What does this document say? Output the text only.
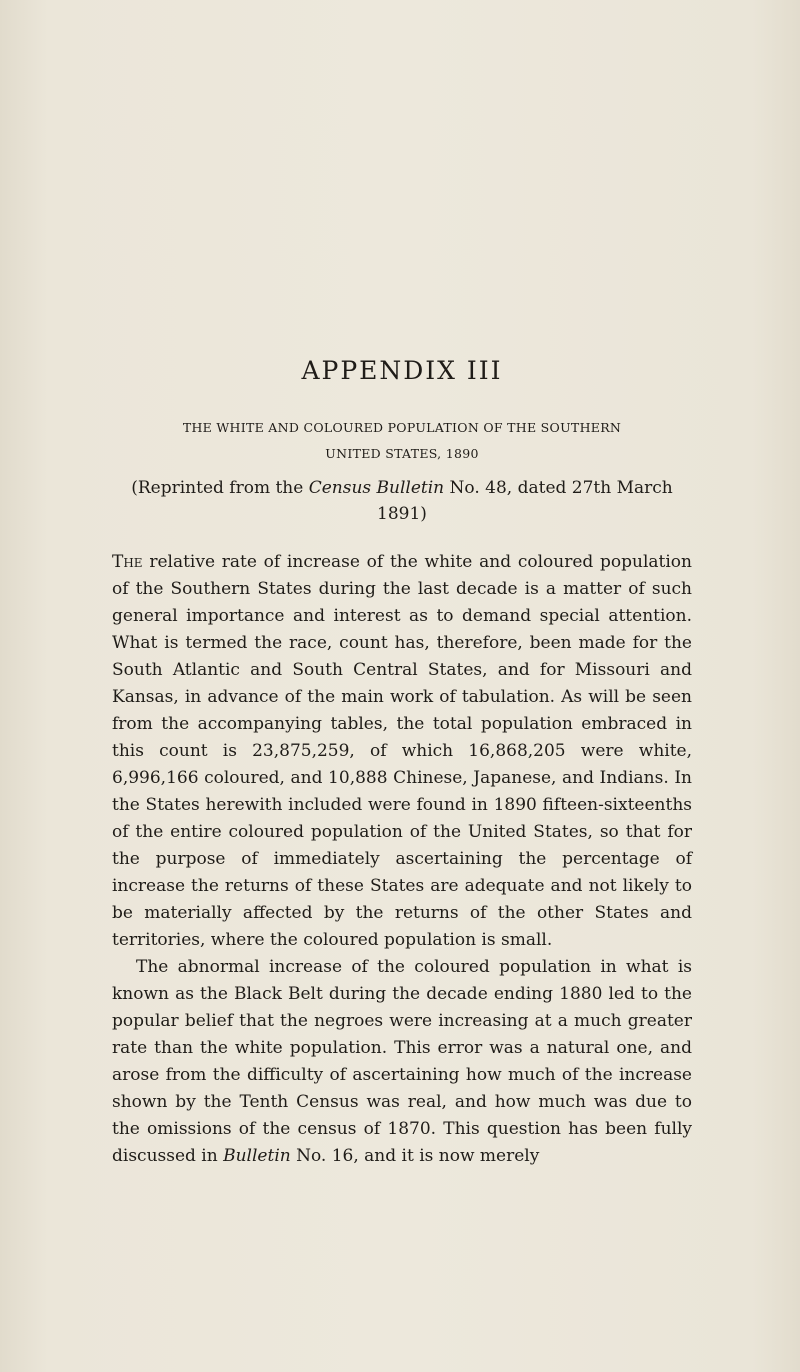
APPENDIX III
THE WHITE AND COLOURED POPULATION OF THE SOUTHERN
UNITED STATES, 1890
(Reprinted from the Census Bulletin No. 48, dated 27th March 1891)

The relative rate of increase of the white and coloured population of the Southern States during the last decade is a matter of such general importance and interest as to demand special attention. What is termed the race, count has, therefore, been made for the South Atlantic and South Central States, and for Missouri and Kansas, in advance of the main work of tabulation. As will be seen from the accompanying tables, the total population embraced in this count is 23,875,259, of which 16,868,205 were white, 6,996,166 coloured, and 10,888 Chinese, Japanese, and Indians. In the States herewith included were found in 1890 fifteen-sixteenths of the entire coloured population of the United States, so that for the purpose of immediately ascertaining the percentage of increase the returns of these States are adequate and not likely to be materially affected by the returns of the other States and territories, where the coloured population is small.

The abnormal increase of the coloured population in what is known as the Black Belt during the decade ending 1880 led to the popular belief that the negroes were increasing at a much greater rate than the white population. This error was a natural one, and arose from the difficulty of ascertaining how much of the increase shown by the Tenth Census was real, and how much was due to the omissions of the census of 1870. This question has been fully discussed in Bulletin No. 16, and it is now merely
